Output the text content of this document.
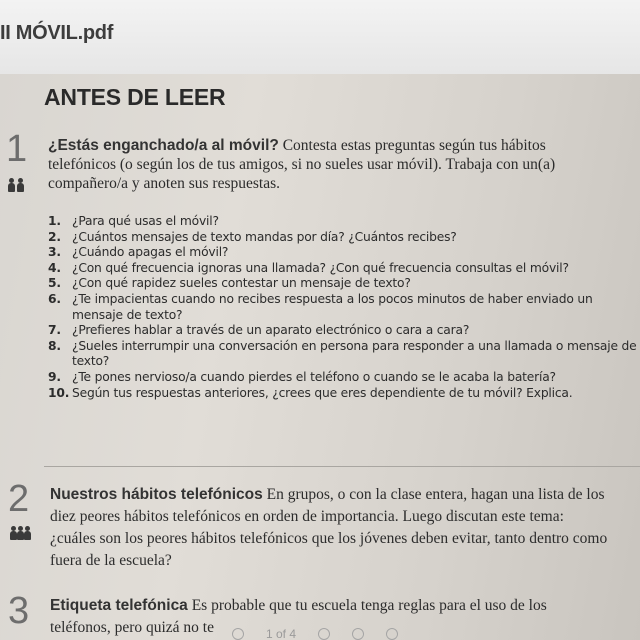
II MÓVIL.pdf
ANTES DE LEER
1 ¿Estás enganchado/a al móvil? Contesta estas preguntas según tus hábitos telefónicos (o según los de tus amigos, si no sueles usar móvil). Trabaja con un(a) compañero/a y anoten sus respuestas.
1. ¿Para qué usas el móvil?
2. ¿Cuántos mensajes de texto mandas por día? ¿Cuántos recibes?
3. ¿Cuándo apagas el móvil?
4. ¿Con qué frecuencia ignoras una llamada? ¿Con qué frecuencia consultas el móvil?
5. ¿Con qué rapidez sueles contestar un mensaje de texto?
6. ¿Te impacientas cuando no recibes respuesta a los pocos minutos de haber enviado un mensaje de texto?
7. ¿Prefieres hablar a través de un aparato electrónico o cara a cara?
8. ¿Sueles interrumpir una conversación en persona para responder a una llamada o mensaje de texto?
9. ¿Te pones nervioso/a cuando pierdes el teléfono o cuando se le acaba la batería?
10. Según tus respuestas anteriores, ¿crees que eres dependiente de tu móvil? Explica.
2 Nuestros hábitos telefónicos En grupos, o con la clase entera, hagan una lista de los diez peores hábitos telefónicos en orden de importancia. Luego discutan este tema: ¿cuáles son los peores hábitos telefónicos que los jóvenes deben evitar, tanto dentro como fuera de la escuela?
3 Etiqueta telefónica Es probable que tu escuela tenga reglas para el uso de los teléfonos, pero quizá no te	1 of 4
